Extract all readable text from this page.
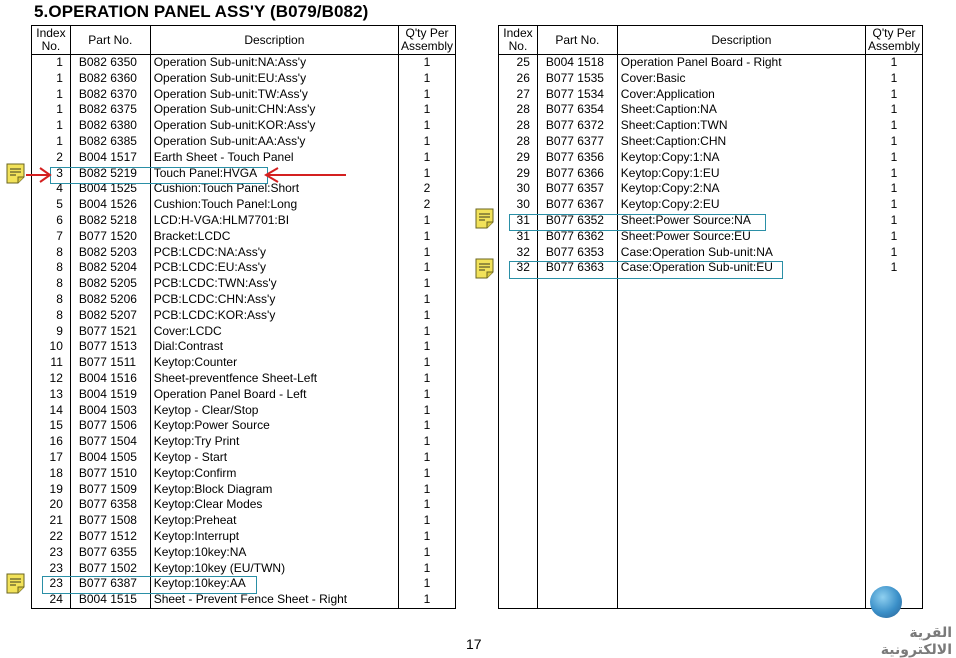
5.OPERATION PANEL ASS'Y (B079/B082)
Index No.	Part No.	Description	Q'ty Per Assembly
1	B082 6350	Operation Sub-unit:NA:Ass'y	1
1	B082 6360	Operation Sub-unit:EU:Ass'y	1
1	B082 6370	Operation Sub-unit:TW:Ass'y	1
1	B082 6375	Operation Sub-unit:CHN:Ass'y	1
1	B082 6380	Operation Sub-unit:KOR:Ass'y	1
1	B082 6385	Operation Sub-unit:AA:Ass'y	1
2	B004 1517	Earth Sheet - Touch Panel	1
3	B082 5219	Touch Panel:HVGA	1
4	B004 1525	Cushion:Touch Panel:Short	2
5	B004 1526	Cushion:Touch Panel:Long	2
6	B082 5218	LCD:H-VGA:HLM7701:BI	1
7	B077 1520	Bracket:LCDC	1
8	B082 5203	PCB:LCDC:NA:Ass'y	1
8	B082 5204	PCB:LCDC:EU:Ass'y	1
8	B082 5205	PCB:LCDC:TWN:Ass'y	1
8	B082 5206	PCB:LCDC:CHN:Ass'y	1
8	B082 5207	PCB:LCDC:KOR:Ass'y	1
9	B077 1521	Cover:LCDC	1
10	B077 1513	Dial:Contrast	1
11	B077 1511	Keytop:Counter	1
12	B004 1516	Sheet-preventfence Sheet-Left	1
13	B004 1519	Operation Panel Board - Left	1
14	B004 1503	Keytop - Clear/Stop	1
15	B077 1506	Keytop:Power Source	1
16	B077 1504	Keytop:Try Print	1
17	B004 1505	Keytop - Start	1
18	B077 1510	Keytop:Confirm	1
19	B077 1509	Keytop:Block Diagram	1
20	B077 6358	Keytop:Clear Modes	1
21	B077 1508	Keytop:Preheat	1
22	B077 1512	Keytop:Interrupt	1
23	B077 6355	Keytop:10key:NA	1
23	B077 1502	Keytop:10key (EU/TWN)	1
23	B077 6387	Keytop:10key:AA	1
24	B004 1515	Sheet - Prevent Fence Sheet - Right	1

Index No.	Part No.	Description	Q'ty Per Assembly
25	B004 1518	Operation Panel Board - Right	1
26	B077 1535	Cover:Basic	1
27	B077 1534	Cover:Application	1
28	B077 6354	Sheet:Caption:NA	1
28	B077 6372	Sheet:Caption:TWN	1
28	B077 6377	Sheet:Caption:CHN	1
29	B077 6356	Keytop:Copy:1:NA	1
29	B077 6366	Keytop:Copy:1:EU	1
30	B077 6357	Keytop:Copy:2:NA	1
30	B077 6367	Keytop:Copy:2:EU	1
31	B077 6352	Sheet:Power Source:NA	1
31	B077 6362	Sheet:Power Source:EU	1
32	B077 6353	Case:Operation Sub-unit:NA	1
32	B077 6363	Case:Operation Sub-unit:EU	1

17
القرية الالكترونية
